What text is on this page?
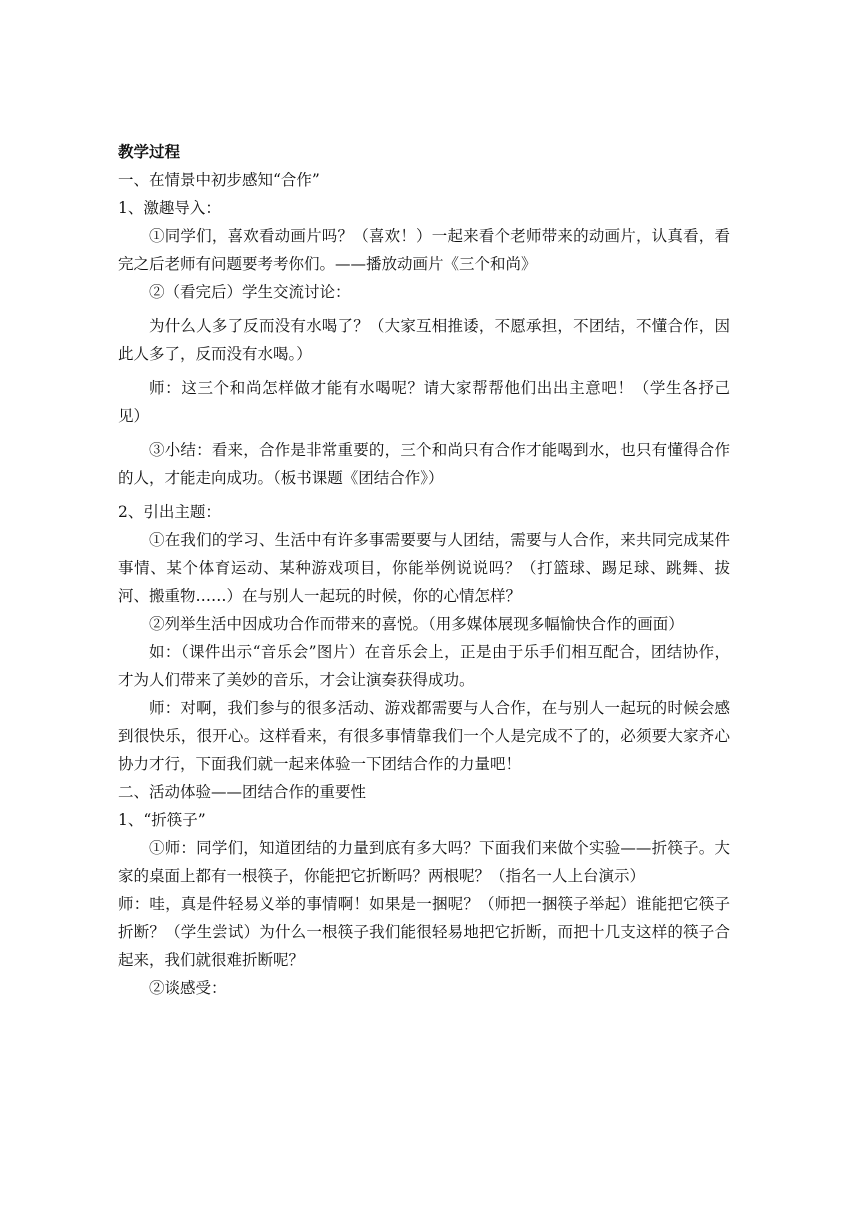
教学过程

一、在情景中初步感知“合作”

1、激趣导入：

①同学们，喜欢看动画片吗？（喜欢！）一起来看个老师带来的动画片，认真看，看完之后老师有问题要考考你们。——播放动画片《三个和尚》

②（看完后）学生交流讨论：

为什么人多了反而没有水喝了？（大家互相推诿，不愿承担，不团结，不懂合作，因此人多了，反而没有水喝。）

师：这三个和尚怎样做才能有水喝呢？请大家帮帮他们出出主意吧！（学生各抒己见）

③小结：看来，合作是非常重要的，三个和尚只有合作才能喝到水，也只有懂得合作的人，才能走向成功。（板书课题《团结合作》）

2、引出主题：

①在我们的学习、生活中有许多事需要要与人团结，需要与人合作，来共同完成某件事情、某个体育运动、某种游戏项目，你能举例说说吗？（打篮球、踢足球、跳舞、拔河、搬重物……）在与别人一起玩的时候，你的心情怎样？

②列举生活中因成功合作而带来的喜悦。（用多媒体展现多幅愉快合作的画面）

如：（课件出示“音乐会”图片）在音乐会上，正是由于乐手们相互配合，团结协作，才为人们带来了美妙的音乐，才会让演奏获得成功。

师：对啊，我们参与的很多活动、游戏都需要与人合作，在与别人一起玩的时候会感到很快乐，很开心。这样看来，有很多事情靠我们一个人是完成不了的，必须要大家齐心协力才行，下面我们就一起来体验一下团结合作的力量吧！

二、活动体验——团结合作的重要性

1、“折筷子”

①师：同学们，知道团结的力量到底有多大吗？下面我们来做个实验——折筷子。大家的桌面上都有一根筷子，你能把它折断吗？两根呢？（指名一人上台演示）

师：哇，真是件轻易义举的事情啊！如果是一捆呢？（师把一捆筷子举起）谁能把它筷子折断？（学生尝试）为什么一根筷子我们能很轻易地把它折断，而把十几支这样的筷子合起来，我们就很难折断呢？

②谈感受：
